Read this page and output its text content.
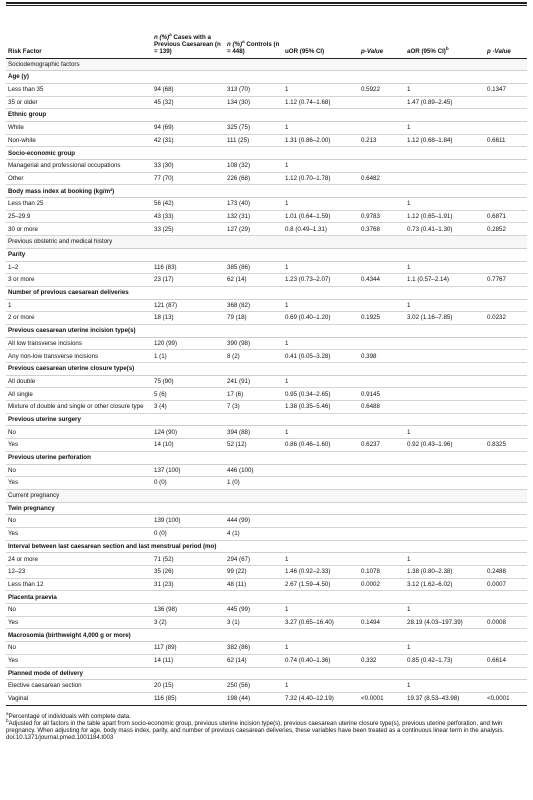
Risk Factor	n (%)$^a$ Cases with a Previous Caesarean (n = 139)	n (%)$^a$ Controls (n = 448)	uOR (95% CI)	p-Value	aOR (95% CI)$^b$	p -Value
Sociodemographic factors						
Age (y)						
Less than 35	94 (68)	313 (70)	1	0.5922	1	0.1347
35 or older	45 (32)	134 (30)	1.12 (0.74–1.68)		1.47 (0.89–2.45)	
Ethnic group						
White	94 (69)	325 (75)	1		1	
Non-white	42 (31)	111 (25)	1.31 (0.86–2.00)	0.213	1.12 (0.68–1.84)	0.6611
Socio-economic group						
Managerial and professional occupations	33 (30)	108 (32)	1			
Other	77 (70)	226 (68)	1.12 (0.70–1.78)	0.6482		
Body mass index at booking (kg/m²)						
Less than 25	56 (42)	173 (40)	1		1	
25–29.9	43 (33)	132 (31)	1.01 (0.64–1.59)	0.9783	1.12 (0.65–1.91)	0.6871
30 or more	33 (25)	127 (29)	0.8 (0.49–1.31)	0.3768	0.73 (0.41–1.30)	0.2852
Previous obstetric and medical history						
Parity						
1–2	116 (83)	385 (86)	1		1	
3 or more	23 (17)	62 (14)	1.23 (0.73–2.07)	0.4344	1.1 (0.57–2.14)	0.7767
Number of previous caesarean deliveries						
1	121 (87)	368 (82)	1		1	
2 or more	18 (13)	79 (18)	0.69 (0.40–1.20)	0.1925	3.02 (1.16–7.85)	0.0232
Previous caesarean uterine incision type(s)						
All low transverse incisions	120 (99)	390 (98)	1			
Any non-low transverse incisions	1 (1)	8 (2)	0.41 (0.05–3.28)	0.398		
Previous caesarean uterine closure type(s)						
All double	75 (90)	241 (91)	1			
All single	5 (6)	17 (6)	0.95 (0.34–2.65)	0.9145		
Mixture of double and single or other closure type	3 (4)	7 (3)	1.38 (0.35–5.46)	0.6488		
Previous uterine surgery						
No	124 (90)	394 (88)	1		1	
Yes	14 (10)	52 (12)	0.86 (0.46–1.60)	0.6237	0.92 (0.43–1.96)	0.8325
Previous uterine perforation						
No	137 (100)	446 (100)				
Yes	0 (0)	1 (0)				
Current pregnancy						
Twin pregnancy						
No	139 (100)	444 (99)				
Yes	0 (0)	4 (1)				
Interval between last caesarean section and last menstrual period (mo)						
24 or more	71 (52)	294 (67)	1		1	
12–23	35 (26)	99 (22)	1.46 (0.92–2.33)	0.1078	1.38 (0.80–2.38)	0.2488
Less than 12	31 (23)	48 (11)	2.67 (1.59–4.50)	0.0002	3.12 (1.62–6.02)	0.0007
Placenta praevia						
No	136 (98)	445 (99)	1		1	
Yes	3 (2)	3 (1)	3.27 (0.65–16.40)	0.1494	28.19 (4.03–197.39)	0.0008
Macrosomia (birthweight 4,000 g or more)						
No	117 (89)	382 (86)	1		1	
Yes	14 (11)	62 (14)	0.74 (0.40–1.36)	0.332	0.85 (0.42–1.73)	0.6614
Planned mode of delivery						
Elective caesarean section	20 (15)	250 (56)	1		1	
Vaginal	116 (85)	198 (44)	7.32 (4.40–12.19)	<0.0001	19.37 (8.53–43.98)	<0.0001
$^a$Percentage of individuals with complete data.
$^b$Adjusted for all factors in the table apart from socio-economic group, previous uterine incision type(s), previous caesarean uterine closure type(s), previous uterine perforation, and twin pregnancy. When adjusting for age, body mass index, parity, and number of previous caesarean deliveries, these variables have been treated as a continuous linear term in the analysis.
doi:10.1371/journal.pmed.1001184.t003
